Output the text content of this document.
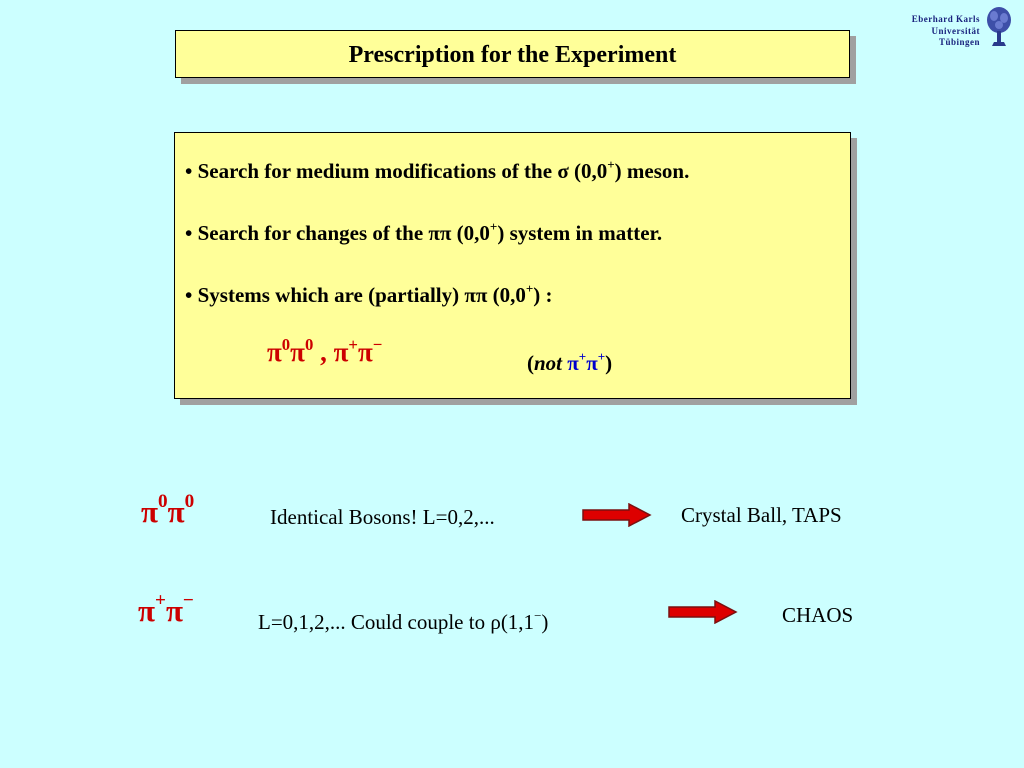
Eberhard Karls
Universität
Tübingen
Prescription for the Experiment
• Search for medium modifications of the σ (0,0+) meson.
• Search for changes of the ππ (0,0+) system in matter.
• Systems which are (partially) ππ (0,0+) :
$\pi^0\pi^0$ , π+π−
(not π+π+)
$\pi^0\pi^0$
Identical Bosons! L=0,2,...	Crystal Ball, TAPS
π+π−
L=0,1,2,... Could couple to ρ(1,1−)	CHAOS
